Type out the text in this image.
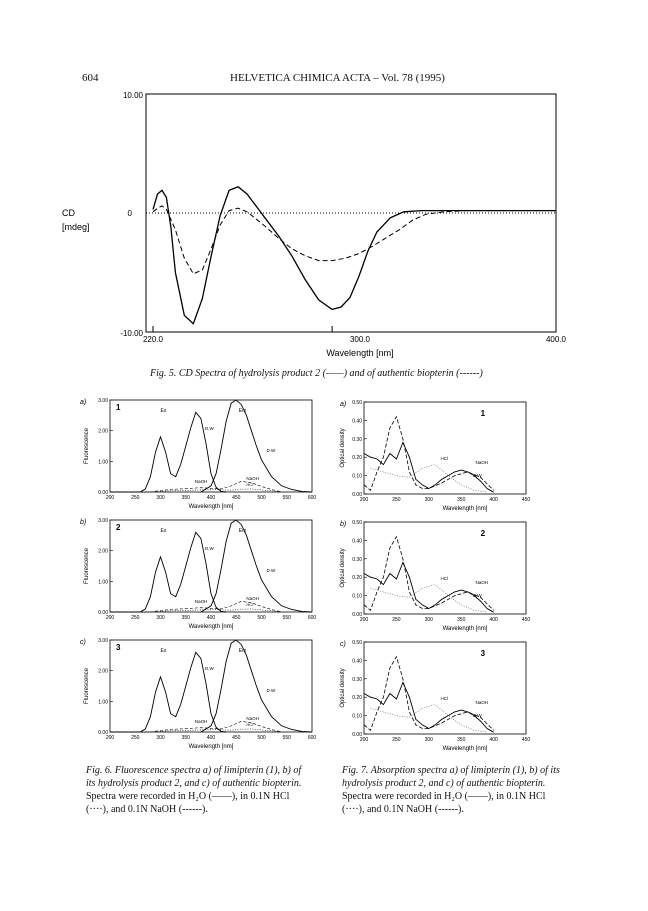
604	HELVETICA CHIMICA ACTA – Vol. 78 (1995)
10.00
0
-10.00
220.0	300.0	400.0
CD
[mdeg]
Wavelength [nm]
Fig. 5. CD Spectra of hydrolysis product 2 (——) and of authentic biopterin (------)
a)
1
3.00
2.00
1.00
0.00
200	250	300	350	400	450	500	550	600
Fluorescence
Wavelength [nm]
Ex	Em
D.W
D.W
NaOH
NaOH
HCl
b)
2
3.00
2.00
1.00
0.00
200	250	300	350	400	450	500	550	600
Fluorescence
Wavelength [nm]
Ex	Em
D.W
D.W
NaOH
NaOH
HCl
c)
3
3.00
2.00
1.00
0.00
200	250	300	350	400	450	500	550	600
Fluorescence
Wavelength [nm]
Ex	Em
D.W
D.W
NaOH
NaOH
HCl
a)
1
0.50
0.40
0.30
0.20
0.10
0.00
200	250	300	350	400	450
Optical density
Wavelength [nm]
HCl
NaOH
D.W
b)
2
0.50
0.40
0.30
0.20
0.10
0.00
200	250	300	350	400	450
Optical density
Wavelength [nm]
HCl
NaOH
D.W
c)
3
0.50
0.40
0.30
0.20
0.10
0.00
200	250	300	350	400	450
Optical density
Wavelength [nm]
HCl
NaOH
D.W
Fig. 6. Fluorescence spectra a) of limipterin (1), b) of
its hydrolysis product 2, and c) of authentic biopterin.
Spectra were recorded in H₂O (——), in 0.1N HCl
(····), and 0.1N NaOH (------).
Fig. 7. Absorption spectra a) of limipterin (1), b) of its
hydrolysis product 2, and c) of authentic biopterin.
Spectra were recorded in H₂O (——), in 0.1N HCl
(····), and 0.1N NaOH (------).
